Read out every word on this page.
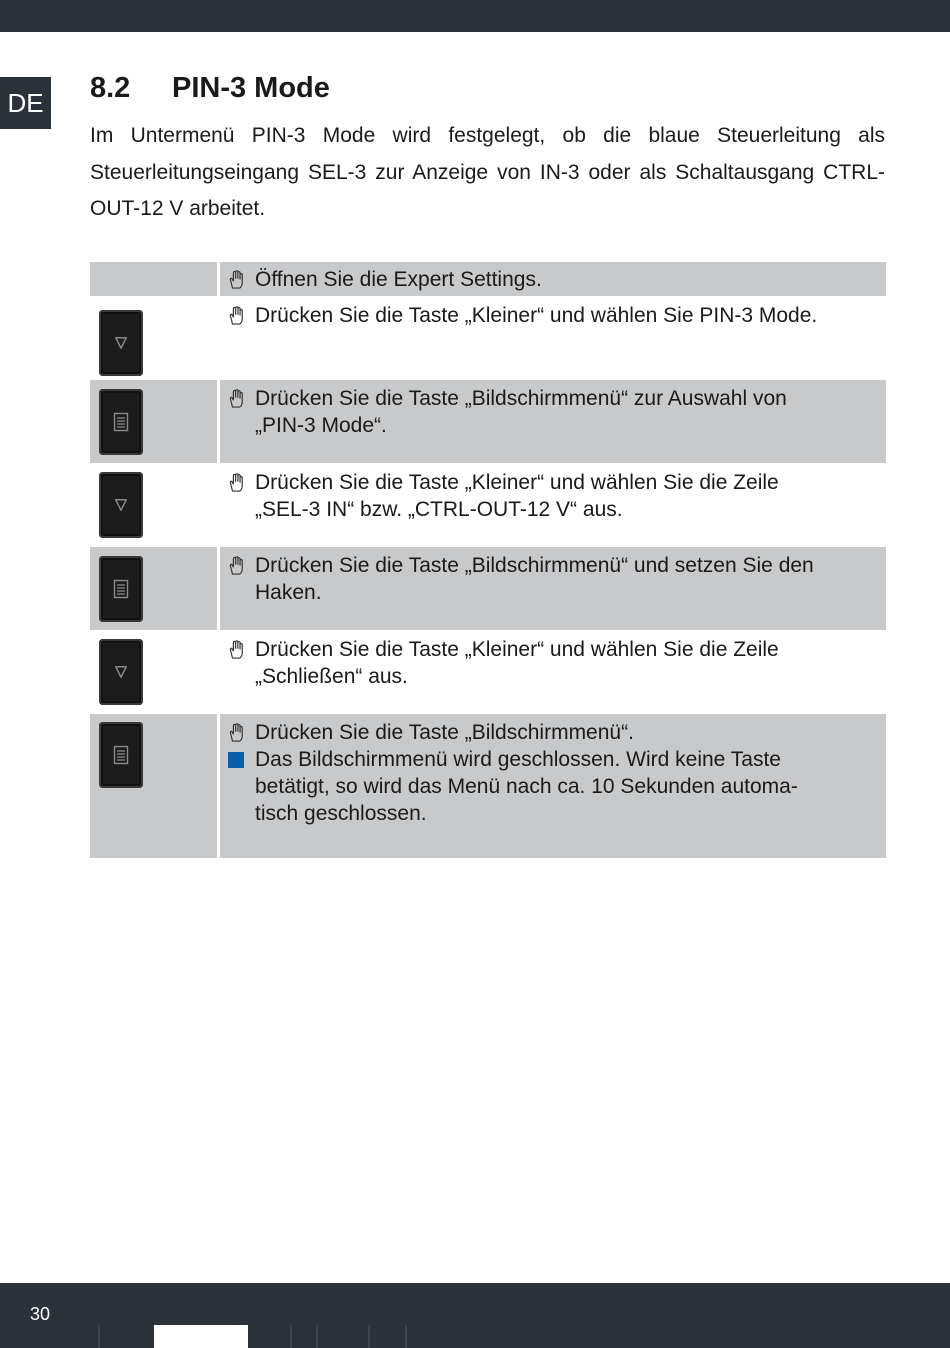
DE 8.2 PIN-3 Mode
Im Untermenü PIN-3 Mode wird festgelegt, ob die blaue Steuerleitung als Steuerleitungseingang SEL-3 zur Anzeige von IN-3 oder als Schaltausgang CTRL-OUT-12 V arbeitet.
Öffnen Sie die Expert Settings.
Drücken Sie die Taste „Kleiner“ und wählen Sie PIN-3 Mode.
Drücken Sie die Taste „Bildschirmmenü“ zur Auswahl von
„PIN-3 Mode“.
Drücken Sie die Taste „Kleiner“ und wählen Sie die Zeile
„SEL-3 IN“ bzw. „CTRL-OUT-12 V“ aus.
Drücken Sie die Taste „Bildschirmmenü“ und setzen Sie den
Haken.
Drücken Sie die Taste „Kleiner“ und wählen Sie die Zeile
„Schließen“ aus.
Drücken Sie die Taste „Bildschirmmenü“.
Das Bildschirmmenü wird geschlossen. Wird keine Taste
betätigt, so wird das Menü nach ca. 10 Sekunden automa-
tisch geschlossen.
30
